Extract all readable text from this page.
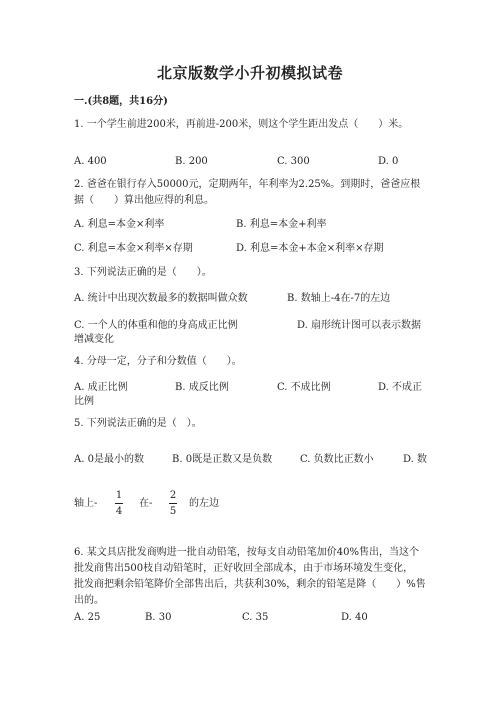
北京版数学小升初模拟试卷
一.(共8题，共16分)
1. 一个学生前进200米，再前进-200米，则这个学生距出发点（　　）米。
A. 400	B. 200	C. 300	D. 0
2. 爸爸在银行存入50000元，定期两年，年利率为2.25%。到期时，爸爸应根
据（　　）算出他应得的利息。
A. 利息=本金×利率	B. 利息=本金+利率
C. 利息=本金×利率×存期	D. 利息=本金+本金×利率×存期
3. 下列说法正确的是（　　）。
A. 统计中出现次数最多的数据叫做众数	B. 数轴上-4在-7的左边
C. 一个人的体重和他的身高成正比例	D. 扇形统计图可以表示数据
增减变化
4. 分母一定，分子和分数值（　　）。
A. 成正比例	B. 成反比例	C. 不成比例	D. 不成正
比例
5. 下列说法正确的是（　）。
A. 0是最小的数	B. 0既是正数又是负数	C. 负数比正数小	D. 数
轴上-
1
4
在-
2
5
的左边
6. 某文具店批发商购进一批自动铅笔，按每支自动铅笔加价40%售出，当这个
批发商售出500枝自动铅笔时，正好收回全部成本，由于市场环境发生变化，
批发商把剩余铅笔降价全部售出后，共获利30%，剩余的铅笔是降（　　）%售
出的。
A. 25	B. 30	C. 35	D. 40
